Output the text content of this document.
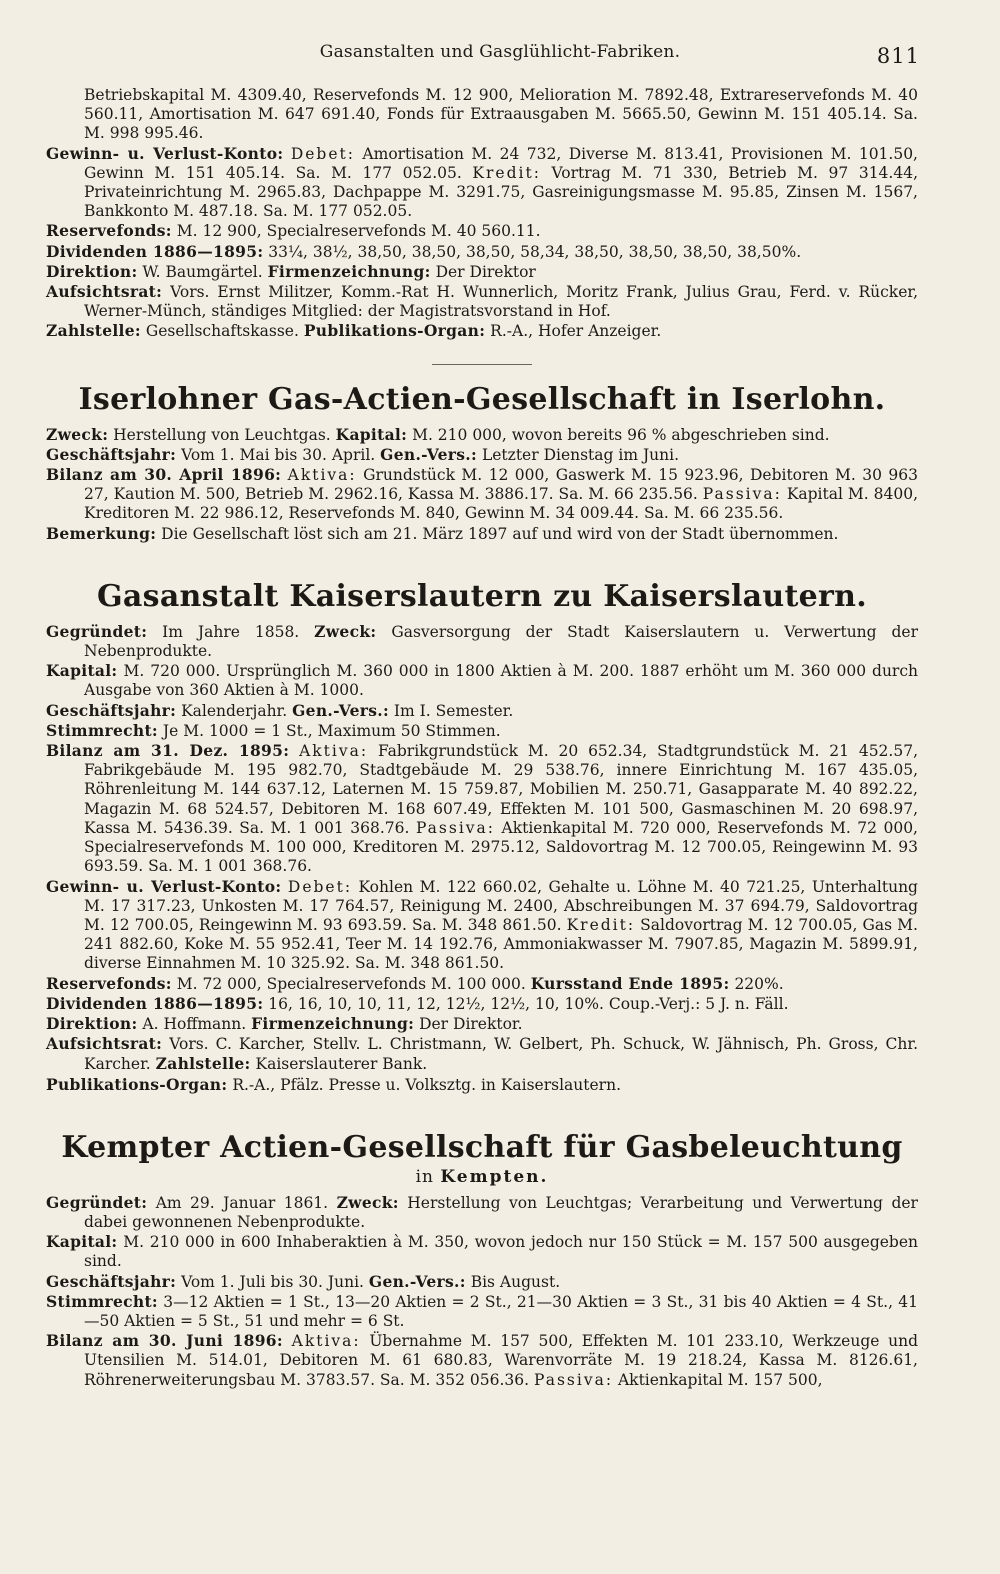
Gasanstalten und Gasglühlicht-Fabriken.	811

Betriebskapital M. 4309.40, Reservefonds M. 12 900, Melioration M. 7892.48, Extrareservefonds M. 40 560.11, Amortisation M. 647 691.40, Fonds für Extraausgaben M. 5665.50, Gewinn M. 151 405.14. Sa. M. 998 995.46.

Gewinn- u. Verlust-Konto: Debet: Amortisation M. 24 732, Diverse M. 813.41, Provisionen M. 101.50, Gewinn M. 151 405.14. Sa. M. 177 052.05. Kredit: Vortrag M. 71 330, Betrieb M. 97 314.44, Privateinrichtung M. 2965.83, Dachpappe M. 3291.75, Gasreinigungsmasse M. 95.85, Zinsen M. 1567, Bankkonto M. 487.18. Sa. M. 177 052.05.

Reservefonds: M. 12 900, Specialreservefonds M. 40 560.11.

Dividenden 1886—1895: 33¼, 38½, 38,50, 38,50, 38,50, 58,34, 38,50, 38,50, 38,50, 38,50%.

Direktion: W. Baumgärtel. Firmenzeichnung: Der Direktor

Aufsichtsrat: Vors. Ernst Militzer, Komm.-Rat H. Wunnerlich, Moritz Frank, Julius Grau, Ferd. v. Rücker, Werner-Münch, ständiges Mitglied: der Magistratsvorstand in Hof.

Zahlstelle: Gesellschaftskasse. Publikations-Organ: R.-A., Hofer Anzeiger.

Iserlohner Gas-Actien-Gesellschaft in Iserlohn.

Zweck: Herstellung von Leuchtgas. Kapital: M. 210 000, wovon bereits 96 % abgeschrieben sind.

Geschäftsjahr: Vom 1. Mai bis 30. April. Gen.-Vers.: Letzter Dienstag im Juni.

Bilanz am 30. April 1896: Aktiva: Grundstück M. 12 000, Gaswerk M. 15 923.96, Debitoren M. 30 963 27, Kaution M. 500, Betrieb M. 2962.16, Kassa M. 3886.17. Sa. M. 66 235.56. Passiva: Kapital M. 8400, Kreditoren M. 22 986.12, Reservefonds M. 840, Gewinn M. 34 009.44. Sa. M. 66 235.56.

Bemerkung: Die Gesellschaft löst sich am 21. März 1897 auf und wird von der Stadt übernommen.

Gasanstalt Kaiserslautern zu Kaiserslautern.

Gegründet: Im Jahre 1858. Zweck: Gasversorgung der Stadt Kaiserslautern u. Verwertung der Nebenprodukte.

Kapital: M. 720 000. Ursprünglich M. 360 000 in 1800 Aktien à M. 200. 1887 erhöht um M. 360 000 durch Ausgabe von 360 Aktien à M. 1000.

Geschäftsjahr: Kalenderjahr. Gen.-Vers.: Im I. Semester.

Stimmrecht: Je M. 1000 = 1 St., Maximum 50 Stimmen.

Bilanz am 31. Dez. 1895: Aktiva: Fabrikgrundstück M. 20 652.34, Stadtgrundstück M. 21 452.57, Fabrikgebäude M. 195 982.70, Stadtgebäude M. 29 538.76, innere Einrichtung M. 167 435.05, Röhrenleitung M. 144 637.12, Laternen M. 15 759.87, Mobilien M. 250.71, Gasapparate M. 40 892.22, Magazin M. 68 524.57, Debitoren M. 168 607.49, Effekten M. 101 500, Gasmaschinen M. 20 698.97, Kassa M. 5436.39. Sa. M. 1 001 368.76. Passiva: Aktienkapital M. 720 000, Reservefonds M. 72 000, Specialreservefonds M. 100 000, Kreditoren M. 2975.12, Saldovortrag M. 12 700.05, Reingewinn M. 93 693.59. Sa. M. 1 001 368.76.

Gewinn- u. Verlust-Konto: Debet: Kohlen M. 122 660.02, Gehalte u. Löhne M. 40 721.25, Unterhaltung M. 17 317.23, Unkosten M. 17 764.57, Reinigung M. 2400, Abschreibungen M. 37 694.79, Saldovortrag M. 12 700.05, Reingewinn M. 93 693.59. Sa. M. 348 861.50. Kredit: Saldovortrag M. 12 700.05, Gas M. 241 882.60, Koke M. 55 952.41, Teer M. 14 192.76, Ammoniakwasser M. 7907.85, Magazin M. 5899.91, diverse Einnahmen M. 10 325.92. Sa. M. 348 861.50.

Reservefonds: M. 72 000, Specialreservefonds M. 100 000. Kursstand Ende 1895: 220%.

Dividenden 1886—1895: 16, 16, 10, 10, 11, 12, 12½, 12½, 10, 10%. Coup.-Verj.: 5 J. n. Fäll.

Direktion: A. Hoffmann. Firmenzeichnung: Der Direktor.

Aufsichtsrat: Vors. C. Karcher, Stellv. L. Christmann, W. Gelbert, Ph. Schuck, W. Jähnisch, Ph. Gross, Chr. Karcher. Zahlstelle: Kaiserslauterer Bank.

Publikations-Organ: R.-A., Pfälz. Presse u. Volksztg. in Kaiserslautern.

Kempter Actien-Gesellschaft für Gasbeleuchtung
in Kempten.

Gegründet: Am 29. Januar 1861. Zweck: Herstellung von Leuchtgas; Verarbeitung und Verwertung der dabei gewonnenen Nebenprodukte.

Kapital: M. 210 000 in 600 Inhaberaktien à M. 350, wovon jedoch nur 150 Stück = M. 157 500 ausgegeben sind.

Geschäftsjahr: Vom 1. Juli bis 30. Juni. Gen.-Vers.: Bis August.

Stimmrecht: 3—12 Aktien = 1 St., 13—20 Aktien = 2 St., 21—30 Aktien = 3 St., 31 bis 40 Aktien = 4 St., 41—50 Aktien = 5 St., 51 und mehr = 6 St.

Bilanz am 30. Juni 1896: Aktiva: Übernahme M. 157 500, Effekten M. 101 233.10, Werkzeuge und Utensilien M. 514.01, Debitoren M. 61 680.83, Warenvorräte M. 19 218.24, Kassa M. 8126.61, Röhrenerweiterungsbau M. 3783.57. Sa. M. 352 056.36. Passiva: Aktienkapital M. 157 500,
